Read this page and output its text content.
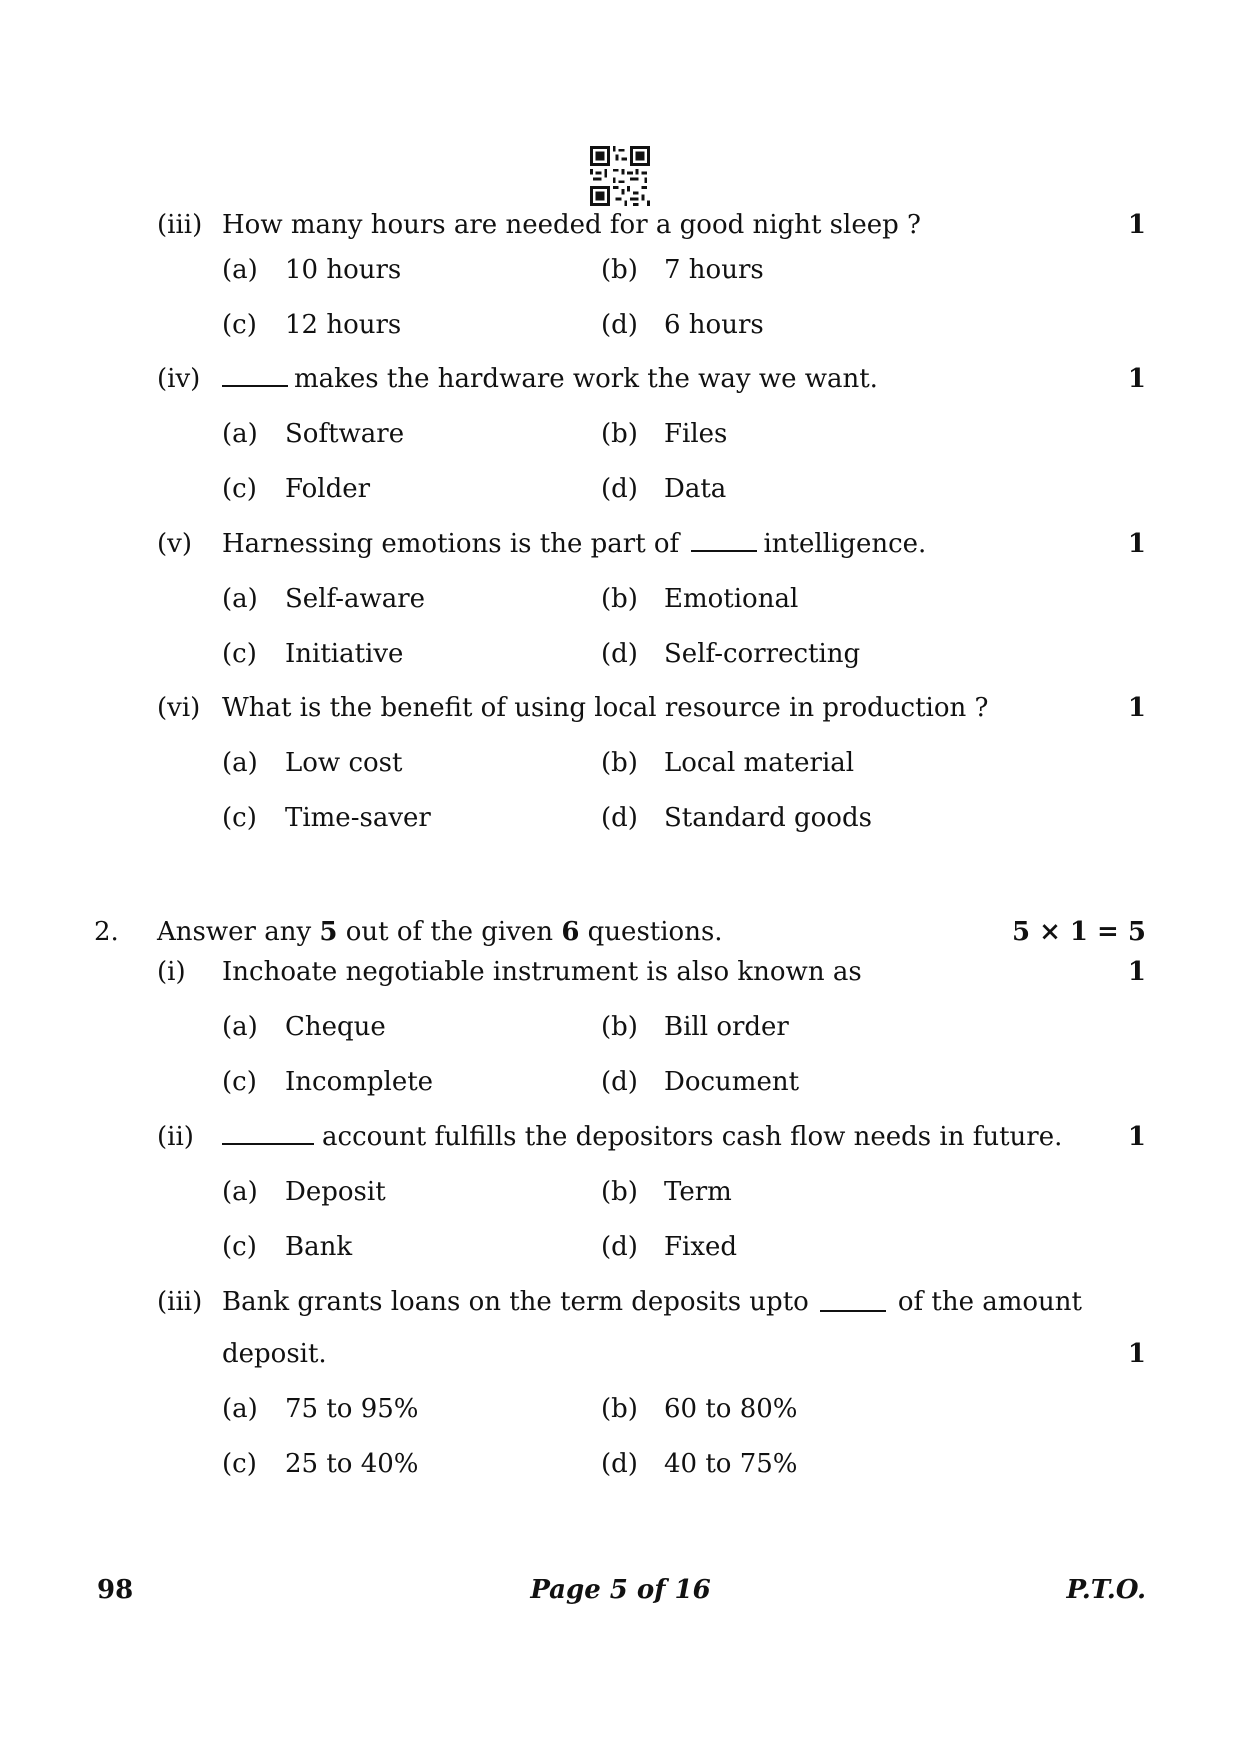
(iii) How many hours are needed for a good night sleep ?	1
(a) 10 hours	(b) 7 hours
(c) 12 hours	(d) 6 hours
(iv)	makes the hardware work the way we want.	1
(a) Software	(b) Files
(c) Folder	(d) Data
(v) Harnessing emotions is the part of	intelligence.	1
(a) Self-aware	(b) Emotional
(c) Initiative	(d) Self-correcting
(vi) What is the benefit of using local resource in production ?	1
(a) Low cost	(b) Local material
(c) Time-saver	(d) Standard goods
2. Answer any 5 out of the given 6 questions.	5 × 1 = 5
(i) Inchoate negotiable instrument is also known as	1
(a) Cheque	(b) Bill order
(c) Incomplete	(d) Document
(ii)	account fulfills the depositors cash flow needs in future.	1
(a) Deposit	(b) Term
(c) Bank	(d) Fixed
(iii) Bank grants loans on the term deposits upto	of the amount
deposit.	1
(a) 75 to 95%	(b) 60 to 80%
(c) 25 to 40%	(d) 40 to 75%
98	Page 5 of 16	P.T.O.
